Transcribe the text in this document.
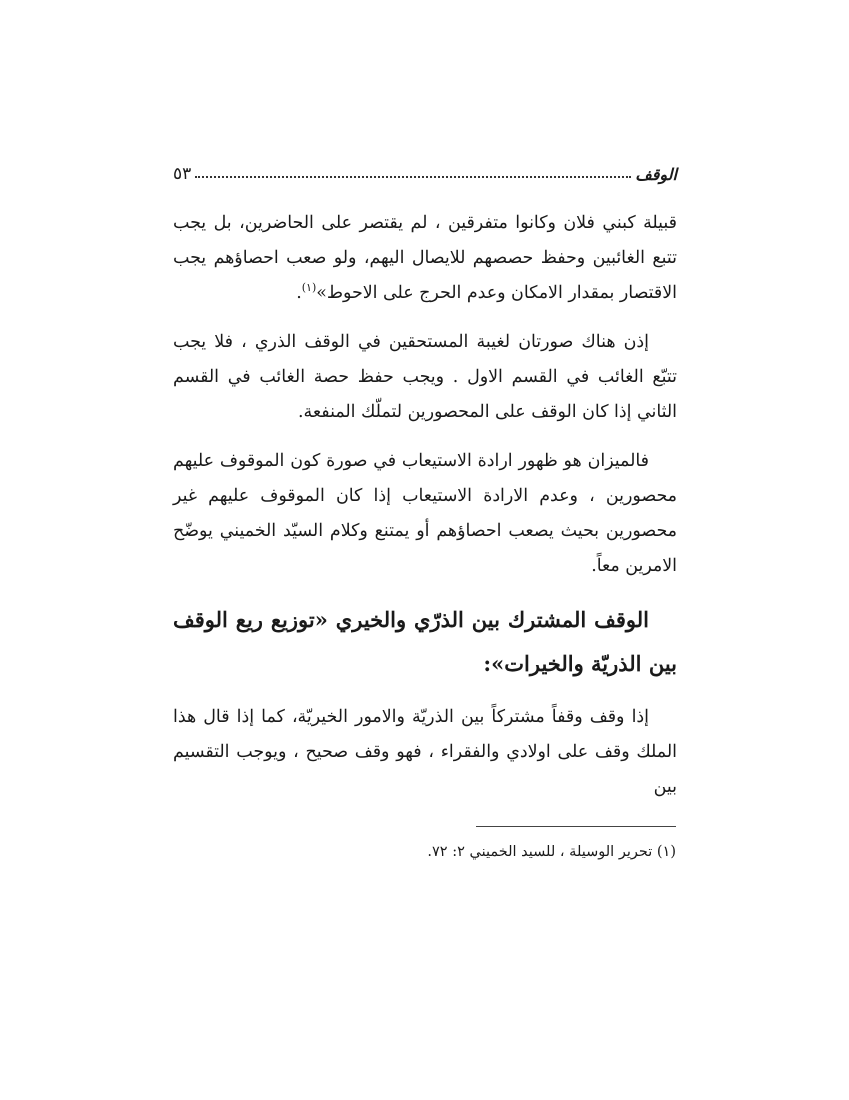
الوقف
٥٣

قبيلة كبني فلان وكانوا متفرقين ، لم يقتصر على الحاضرين، بل يجب تتبع الغائبين وحفظ حصصهم للايصال اليهم، ولو صعب احصاؤهم يجب الاقتصار بمقدار الامكان وعدم الحرج على الاحوط»$^{(١)}$.

إذن هناك صورتان لغيبة المستحقين في الوقف الذري ، فلا يجب تتبّع الغائب في القسم الاول . ويجب حفظ حصة الغائب في القسم الثاني إذا كان الوقف على المحصورين لتملّك المنفعة.

فالميزان هو ظهور ارادة الاستيعاب في صورة كون الموقوف عليهم محصورين ، وعدم الارادة الاستيعاب إذا كان الموقوف عليهم غير محصورين بحيث يصعب احصاؤهم أو يمتنع وكلام السيّد الخميني يوضّح الامرين معاً.

الوقف المشترك بين الذرّي والخيري «توزيع ريع الوقف بين الذريّة والخيرات»:

إذا وقف وقفاً مشتركاً بين الذريّة والامور الخيريّة، كما إذا قال هذا الملك وقف على اولادي والفقراء ، فهو وقف صحيح ، ويوجب التقسيم بين

(١) تحرير الوسيلة ، للسيد الخميني ٢: ٧٢.
